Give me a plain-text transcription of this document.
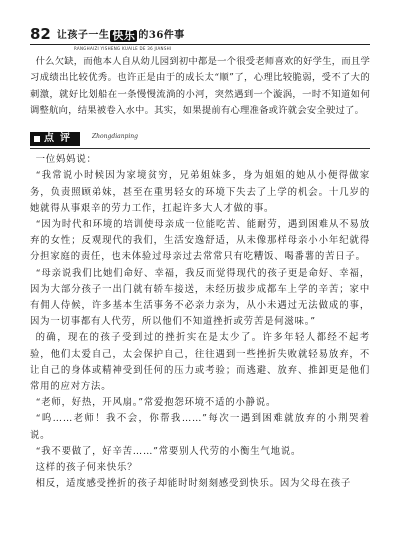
82 让孩子一生 快乐 的36件事
RANGHAIZI YISHENG KUAILE DE 36 JIANSHI

什么欠缺，而他本人自从幼儿园到初中都是一个很受老师喜欢的好学生，而且学习成绩出比较优秀。也许正是由于的成长太“顺”了，心理比较脆弱，受不了大的刺激，就好比划船在一条慢慢流淌的小河，突然遇到一个漩涡，一时不知道如何调整航向，结果被卷入水中。其实，如果提前有心理准备或许就会安全驶过了。

点评	Zhongdianping

一位妈妈说：

“我常说小时候因为家境贫穷，兄弟姐妹多，身为姐姐的她从小便得做家务，负责照顾弟妹，甚至在重男轻女的环境下失去了上学的机会。十几岁的她就得从事艰辛的劳力工作，扛起许多大人才做的事。

“因为时代和环境的培训使母亲成一位能吃苦、能耐劳，遇到困难从不易放弃的女性；反观现代的我们，生活安逸舒适，从未像那样母亲小小年纪就得分担家庭的责任，也未体验过母亲过去常常只有吃糟饭、喝番薯的苦日子。

“母亲说我们比她们命好、幸福，我反而觉得现代的孩子更是命好、幸福，因为大部分孩子一出门就有轿车接送，未经历拔步成都车上学的辛苦；家中有佣人侍候，许多基本生活事务不必亲力亲为，从小未遇过无法做成的事，因为一切事都有人代劳，所以他们不知道挫折或劳苦是何滋味。”

的确，现在的孩子受到过的挫折实在是太少了。许多年轻人都经不起考验，他们太爱自己，太会保护自己，往往遇到一些挫折失败就轻易放弃，不让自己的身体或精神受到任何的压力或考验；而逃避、放弃、推卸更是他们常用的应对方法。

“老师，好热，开风扇。”常爱抱怨环境不适的小静说。

“呜……老师！我不会，你帮我……”每次一遇到困难就放弃的小荆哭着说。

“我不要做了，好辛苦……”常要别人代劳的小衡生气地说。

这样的孩子何来快乐？

相反，适度感受挫折的孩子却能时时刻刻感受到快乐。因为父母在孩子
